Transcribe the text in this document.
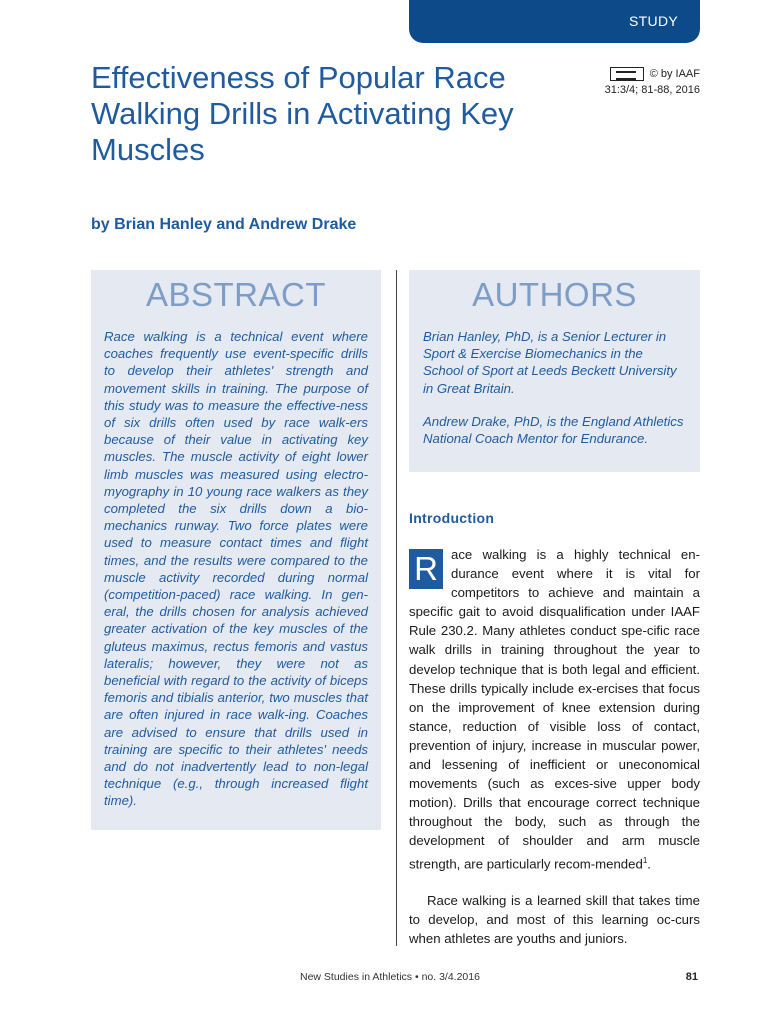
STUDY
Effectiveness of Popular Race Walking Drills in Activating Key Muscles
© by IAAF
31:3/4; 81-88, 2016
by Brian Hanley and Andrew Drake
ABSTRACT

Race walking is a technical event where coaches frequently use event-specific drills to develop their athletes' strength and movement skills in training. The purpose of this study was to measure the effective-ness of six drills often used by race walk-ers because of their value in activating key muscles. The muscle activity of eight lower limb muscles was measured using electro-myography in 10 young race walkers as they completed the six drills down a bio-mechanics runway. Two force plates were used to measure contact times and flight times, and the results were compared to the muscle activity recorded during normal (competition-paced) race walking. In gen-eral, the drills chosen for analysis achieved greater activation of the key muscles of the gluteus maximus, rectus femoris and vastus lateralis; however, they were not as beneficial with regard to the activity of biceps femoris and tibialis anterior, two muscles that are often injured in race walk-ing. Coaches are advised to ensure that drills used in training are specific to their athletes' needs and do not inadvertently lead to non-legal technique (e.g., through increased flight time).

AUTHORS

Brian Hanley, PhD, is a Senior Lecturer in Sport & Exercise Biomechanics in the School of Sport at Leeds Beckett University in Great Britain.

Andrew Drake, PhD, is the England Athletics National Coach Mentor for Endurance.

Introduction

R ace walking is a highly technical en-durance event where it is vital for competitors to achieve and maintain a specific gait to avoid disqualification under IAAF Rule 230.2. Many athletes conduct spe-cific race walk drills in training throughout the year to develop technique that is both legal and efficient. These drills typically include ex-ercises that focus on the improvement of knee extension during stance, reduction of visible loss of contact, prevention of injury, increase in muscular power, and lessening of inefficient or uneconomical movements (such as exces-sive upper body motion). Drills that encourage correct technique throughout the body, such as through the development of shoulder and arm muscle strength, are particularly recom-mended$^1$.

Race walking is a learned skill that takes time to develop, and most of this learning oc-curs when athletes are youths and juniors.

New Studies in Athletics • no. 3/4.2016	81
